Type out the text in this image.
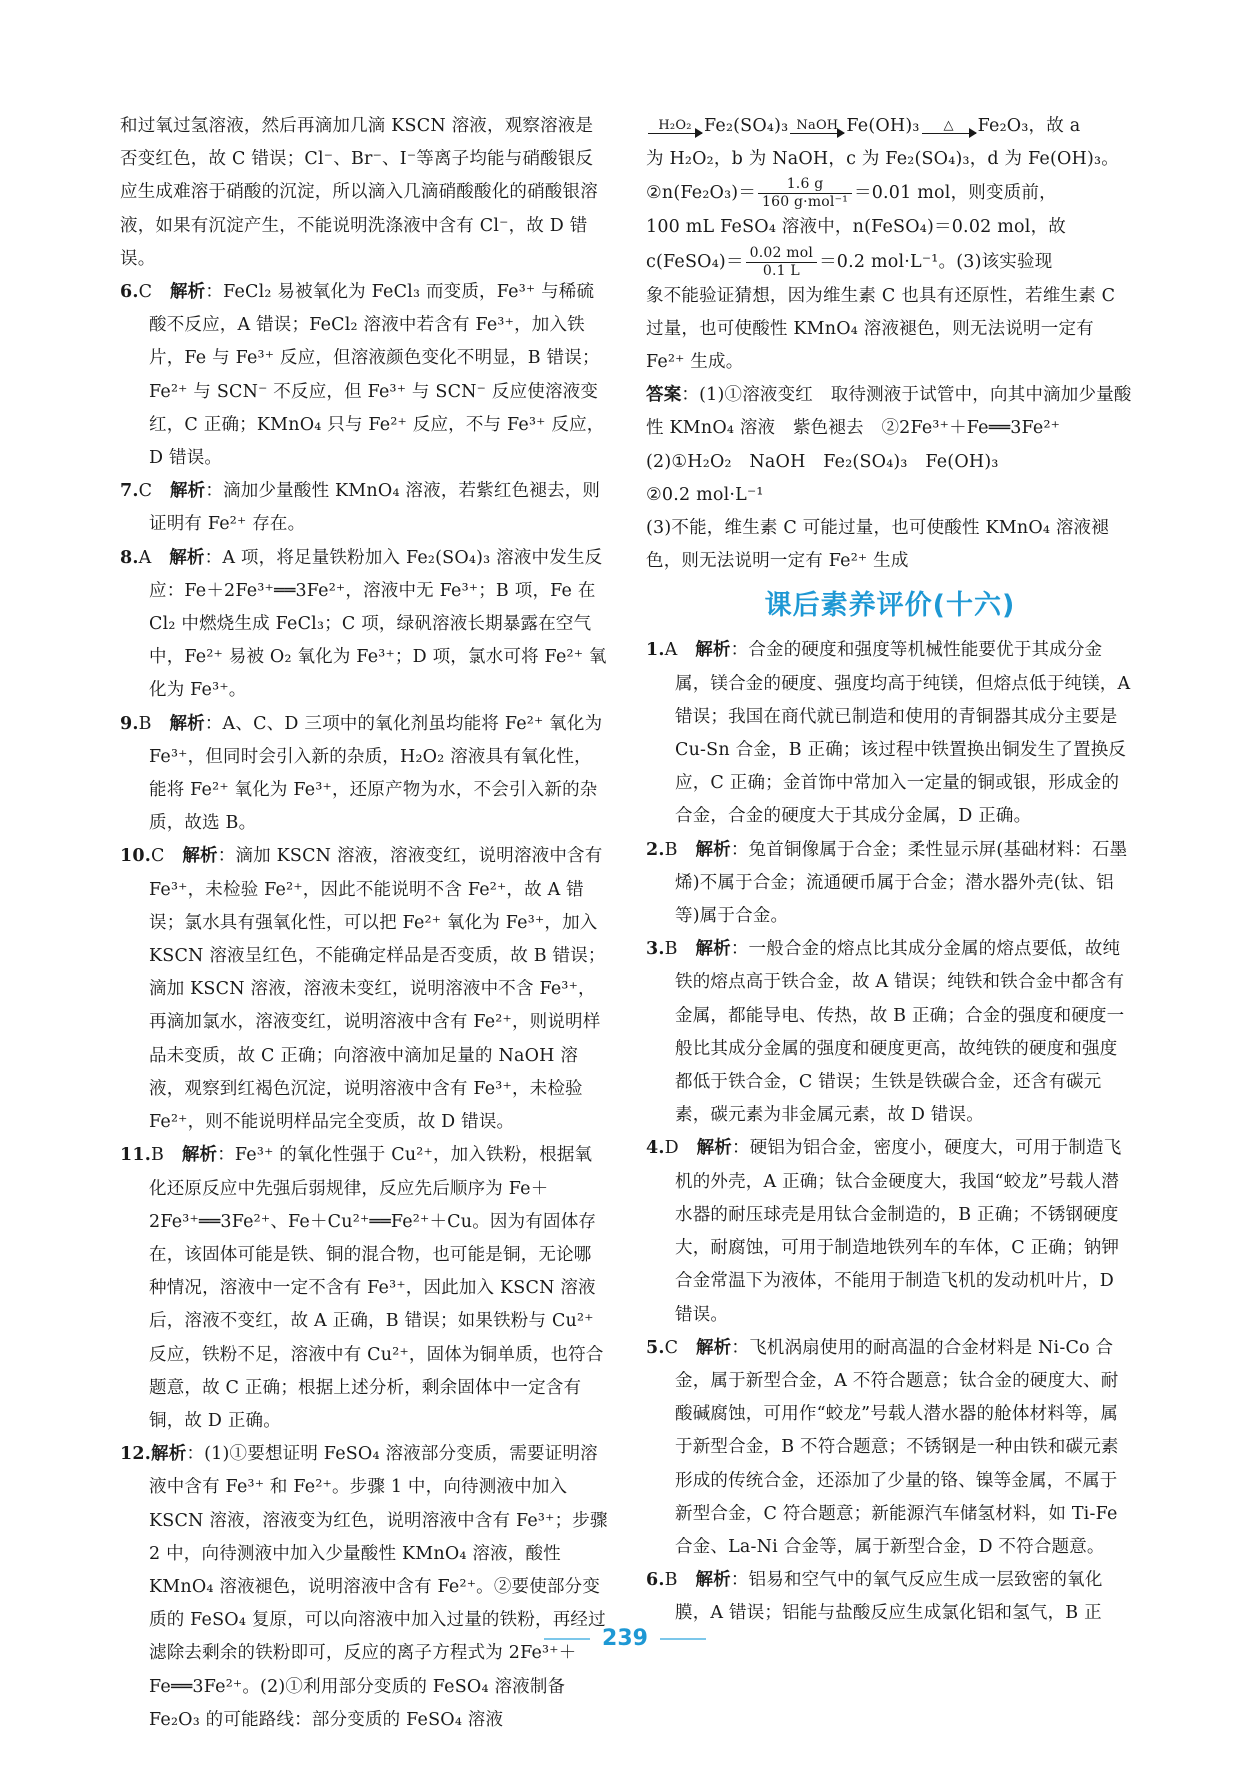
和过氧过氢溶液，然后再滴加几滴 KSCN 溶液，观察溶液是否变红色，故 C 错误；Cl⁻、Br⁻、I⁻等离子均能与硝酸银反应生成难溶于硝酸的沉淀，所以滴入几滴硝酸酸化的硝酸银溶液，如果有沉淀产生，不能说明洗涤液中含有 Cl⁻，故 D 错误。

6.C　 解析：FeCl₂ 易被氧化为 FeCl₃ 而变质，Fe³⁺ 与稀硫酸不反应，A 错误；FeCl₂ 溶液中若含有 Fe³⁺，加入铁片，Fe 与 Fe³⁺ 反应，但溶液颜色变化不明显，B 错误；Fe²⁺ 与 SCN⁻ 不反应，但 Fe³⁺ 与 SCN⁻ 反应使溶液变红，C 正确；KMnO₄ 只与 Fe²⁺ 反应，不与 Fe³⁺ 反应，D 错误。

7.C　 解析：滴加少量酸性 KMnO₄ 溶液，若紫红色褪去，则证明有 Fe²⁺ 存在。

8.A　 解析：A 项，将足量铁粉加入 Fe₂(SO₄)₃ 溶液中发生反应：Fe＋2Fe³⁺══3Fe²⁺，溶液中无 Fe³⁺；B 项，Fe 在 Cl₂ 中燃烧生成 FeCl₃；C 项，绿矾溶液长期暴露在空气中，Fe²⁺ 易被 O₂ 氧化为 Fe³⁺；D 项，氯水可将 Fe²⁺ 氧化为 Fe³⁺。

9.B　 解析：A、C、D 三项中的氧化剂虽均能将 Fe²⁺ 氧化为 Fe³⁺，但同时会引入新的杂质，H₂O₂ 溶液具有氧化性，能将 Fe²⁺ 氧化为 Fe³⁺，还原产物为水，不会引入新的杂质，故选 B。

10.C　 解析：滴加 KSCN 溶液，溶液变红，说明溶液中含有 Fe³⁺，未检验 Fe²⁺，因此不能说明不含 Fe²⁺，故 A 错误；氯水具有强氧化性，可以把 Fe²⁺ 氧化为 Fe³⁺，加入 KSCN 溶液呈红色，不能确定样品是否变质，故 B 错误；滴加 KSCN 溶液，溶液未变红，说明溶液中不含 Fe³⁺，再滴加氯水，溶液变红，说明溶液中含有 Fe²⁺，则说明样品未变质，故 C 正确；向溶液中滴加足量的 NaOH 溶液，观察到红褐色沉淀，说明溶液中含有 Fe³⁺，未检验 Fe²⁺，则不能说明样品完全变质，故 D 错误。

11.B　 解析：Fe³⁺ 的氧化性强于 Cu²⁺，加入铁粉，根据氧化还原反应中先强后弱规律，反应先后顺序为 Fe＋2Fe³⁺══3Fe²⁺、Fe＋Cu²⁺══Fe²⁺＋Cu。因为有固体存在，该固体可能是铁、铜的混合物，也可能是铜，无论哪种情况，溶液中一定不含有 Fe³⁺，因此加入 KSCN 溶液后，溶液不变红，故 A 正确，B 错误；如果铁粉与 Cu²⁺ 反应，铁粉不足，溶液中有 Cu²⁺，固体为铜单质，也符合题意，故 C 正确；根据上述分析，剩余固体中一定含有铜，故 D 正确。

12.解析：(1)①要想证明 FeSO₄ 溶液部分变质，需要证明溶液中含有 Fe³⁺ 和 Fe²⁺。步骤 1 中，向待测液中加入 KSCN 溶液，溶液变为红色，说明溶液中含有 Fe³⁺；步骤 2 中，向待测液中加入少量酸性 KMnO₄ 溶液，酸性 KMnO₄ 溶液褪色，说明溶液中含有 Fe²⁺。②要使部分变质的 FeSO₄ 复原，可以向溶液中加入过量的铁粉，再经过滤除去剩余的铁粉即可，反应的离子方程式为 2Fe³⁺＋Fe══3Fe²⁺。(2)①利用部分变质的 FeSO₄ 溶液制备 Fe₂O₃ 的可能路线：部分变质的 FeSO₄ 溶液

H₂O₂ Fe₂(SO₄)₃ NaOH Fe(OH)₃	△	Fe₂O₃，故 a

为 H₂O₂，b 为 NaOH，c 为 Fe₂(SO₄)₃，d 为 Fe(OH)₃。

②n(Fe₂O₃)＝ $\frac{1.6 g}{\text{160 g·mol⁻¹}} =0.01$ mol，则变质前，

100 mL FeSO₄ 溶液中，n(FeSO₄)＝0.02 mol，故

c(FeSO₄)＝ $\frac{\text{0.02 mol}}{0.1 L} =0.2$ mol·L⁻¹。(3)该实验现

象不能验证猜想，因为维生素 C 也具有还原性，若维生素 C 过量，也可使酸性 KMnO₄ 溶液褪色，则无法说明一定有 Fe²⁺ 生成。

答案：(1)①溶液变红　取待测液于试管中，向其中滴加少量酸性 KMnO₄ 溶液　紫色褪去　②2Fe³⁺＋Fe══3Fe²⁺

(2)①H₂O₂　NaOH　Fe₂(SO₄)₃　Fe(OH)₃

②0.2 mol·L⁻¹

(3)不能，维生素 C 可能过量，也可使酸性 KMnO₄ 溶液褪色，则无法说明一定有 Fe²⁺ 生成

课后素养评价(十六)

1.A　 解析：合金的硬度和强度等机械性能要优于其成分金属，镁合金的硬度、强度均高于纯镁，但熔点低于纯镁，A 错误；我国在商代就已制造和使用的青铜器其成分主要是 Cu-Sn 合金，B 正确；该过程中铁置换出铜发生了置换反应，C 正确；金首饰中常加入一定量的铜或银，形成金的合金，合金的硬度大于其成分金属，D 正确。

2.B　 解析：兔首铜像属于合金；柔性显示屏(基础材料：石墨烯)不属于合金；流通硬币属于合金；潜水器外壳(钛、铝等)属于合金。

3.B　 解析：一般合金的熔点比其成分金属的熔点要低，故纯铁的熔点高于铁合金，故 A 错误；纯铁和铁合金中都含有金属，都能导电、传热，故 B 正确；合金的强度和硬度一般比其成分金属的强度和硬度更高，故纯铁的硬度和强度都低于铁合金，C 错误；生铁是铁碳合金，还含有碳元素，碳元素为非金属元素，故 D 错误。

4.D　 解析：硬铝为铝合金，密度小，硬度大，可用于制造飞机的外壳，A 正确；钛合金硬度大，我国“蛟龙”号载人潜水器的耐压球壳是用钛合金制造的，B 正确；不锈钢硬度大，耐腐蚀，可用于制造地铁列车的车体，C 正确；钠钾合金常温下为液体，不能用于制造飞机的发动机叶片，D 错误。

5.C　 解析：飞机涡扇使用的耐高温的合金材料是 Ni-Co 合金，属于新型合金，A 不符合题意；钛合金的硬度大、耐酸碱腐蚀，可用作“蛟龙”号载人潜水器的舱体材料等，属于新型合金，B 不符合题意；不锈钢是一种由铁和碳元素形成的传统合金，还添加了少量的铬、镍等金属，不属于新型合金，C 符合题意；新能源汽车储氢材料，如 Ti-Fe 合金、La-Ni 合金等，属于新型合金，D 不符合题意。

6.B　 解析：铝易和空气中的氧气反应生成一层致密的氧化膜，A 错误；铝能与盐酸反应生成氯化铝和氢气，B 正

239
